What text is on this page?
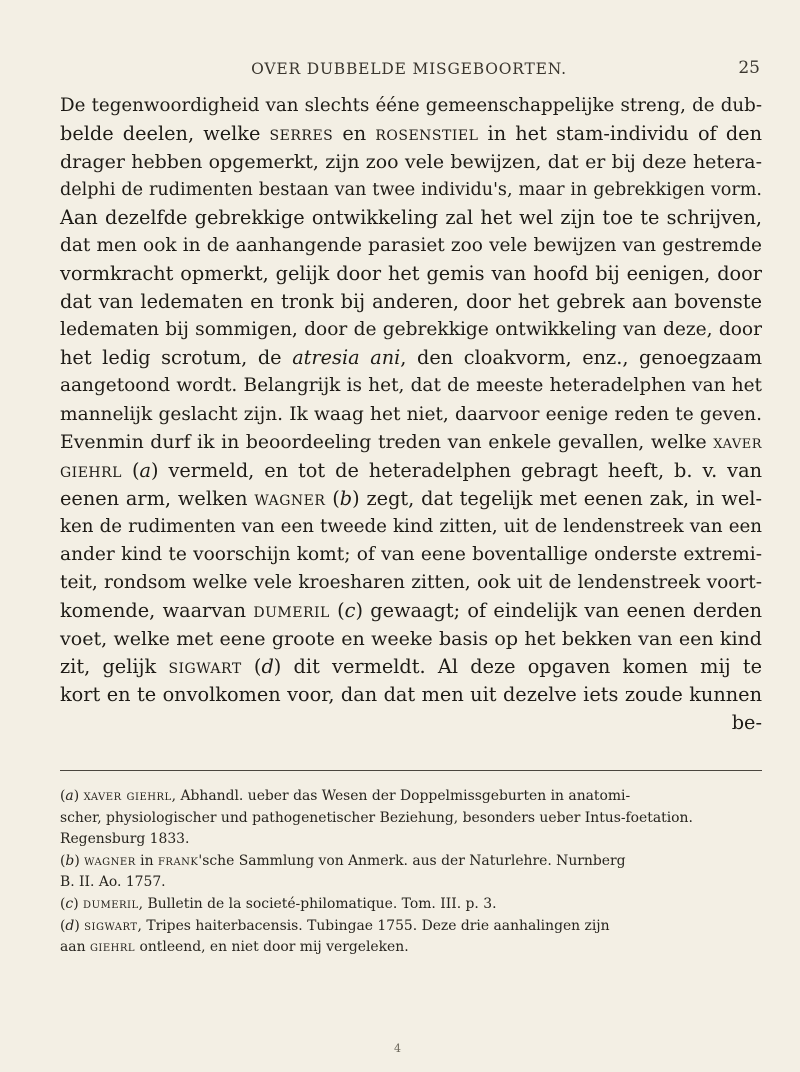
OVER DUBBELDE MISGEBOORTEN.	25
De tegenwoordigheid van slechts ééne gemeenschappelijke streng, de dub-
belde deelen, welke serres en rosenstiel in het stam-individu of den
drager hebben opgemerkt, zijn zoo vele bewijzen, dat er bij deze hetera-
delphi de rudimenten bestaan van twee individu's, maar in gebrekkigen vorm.
Aan dezelfde gebrekkige ontwikkeling zal het wel zijn toe te schrijven,
dat men ook in de aanhangende parasiet zoo vele bewijzen van gestremde
vormkracht opmerkt, gelijk door het gemis van hoofd bij eenigen, door
dat van ledematen en tronk bij anderen, door het gebrek aan bovenste
ledematen bij sommigen, door de gebrekkige ontwikkeling van deze, door
het ledig scrotum, de atresia ani, den cloakvorm, enz., genoegzaam
aangetoond wordt. Belangrijk is het, dat de meeste heteradelphen van het
mannelijk geslacht zijn. Ik waag het niet, daarvoor eenige reden te geven.
Evenmin durf ik in beoordeeling treden van enkele gevallen, welke xaver
giehrl (a) vermeld, en tot de heteradelphen gebragt heeft, b. v. van
eenen arm, welken wagner (b) zegt, dat tegelijk met eenen zak, in wel-
ken de rudimenten van een tweede kind zitten, uit de lendenstreek van een
ander kind te voorschijn komt; of van eene boventallige onderste extremi-
teit, rondsom welke vele kroesharen zitten, ook uit de lendenstreek voort-
komende, waarvan dumeril (c) gewaagt; of eindelijk van eenen derden
voet, welke met eene groote en weeke basis op het bekken van een kind
zit, gelijk sigwart (d) dit vermeldt. Al deze opgaven komen mij te
kort en te onvolkomen voor, dan dat men uit dezelve iets zoude kunnen
be-
(a) xaver giehrl, Abhandl. ueber das Wesen der Doppelmissgeburten in anatomi-
scher, physiologischer und pathogenetischer Beziehung, besonders ueber Intus-foetation.
Regensburg 1833.
(b) wagner in frank'sche Sammlung von Anmerk. aus der Naturlehre. Nurnberg
B. II. Ao. 1757.
(c) dumeril, Bulletin de la societé-philomatique. Tom. III. p. 3.
(d) sigwart, Tripes haiterbacensis. Tubingae 1755. Deze drie aanhalingen zijn
aan giehrl ontleend, en niet door mij vergeleken.
4
